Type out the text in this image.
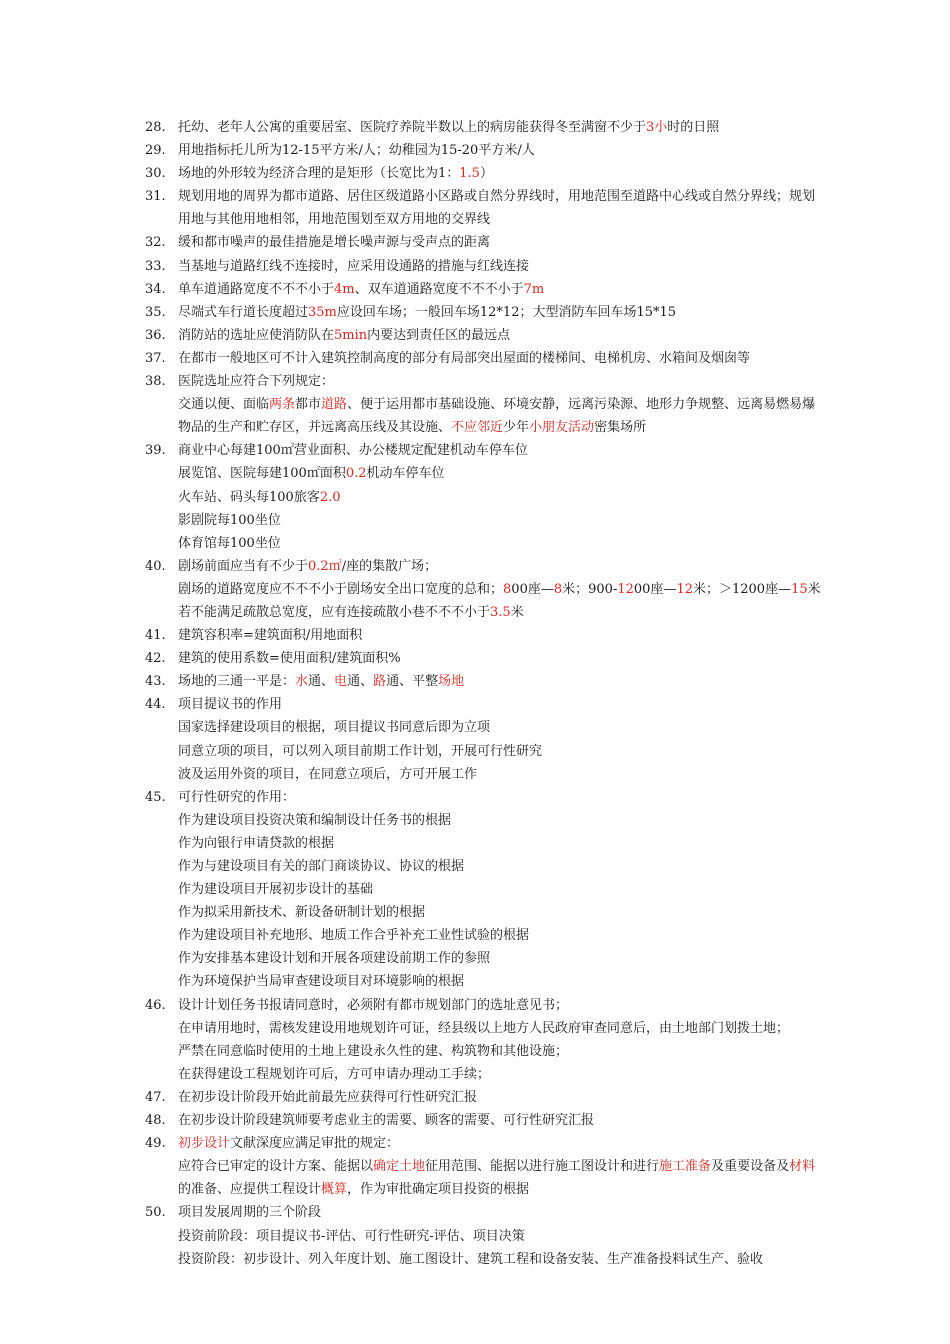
28. 托幼、老年人公寓的重要居室、医院疗养院半数以上的病房能获得冬至满窗不少于3小时的日照
29. 用地指标托儿所为12-15平方米/人；幼稚园为15-20平方米/人
30. 场地的外形较为经济合理的是矩形（长宽比为1：1.5）
31. 规划用地的周界为都市道路、居住区级道路小区路或自然分界线时，用地范围至道路中心线或自然分界线；规划
用地与其他用地相邻，用地范围划至双方用地的交界线
32. 缓和都市噪声的最佳措施是增长噪声源与受声点的距离
33. 当基地与道路红线不连接时，应采用设通路的措施与红线连接
34. 单车道通路宽度不不不小于4m、双车道通路宽度不不不小于7m
35. 尽端式车行道长度超过35m应设回车场；一般回车场12*12；大型消防车回车场15*15
36. 消防站的选址应使消防队在5min内要达到责任区的最远点
37. 在都市一般地区可不计入建筑控制高度的部分有局部突出屋面的楼梯间、电梯机房、水箱间及烟囱等
38. 医院选址应符合下列规定：
交通以便、面临两条都市道路、便于运用都市基础设施、环境安静，远离污染源、地形力争规整、远离易燃易爆
物品的生产和贮存区，并远离高压线及其设施、不应邻近少年小朋友活动密集场所
39. 商业中心每建100㎡营业面积、办公楼规定配建机动车停车位
展览馆、医院每建100㎡面积0.2机动车停车位
火车站、码头每100旅客2.0
影剧院每100坐位
体育馆每100坐位
40. 剧场前面应当有不少于0.2㎡/座的集散广场；
剧场的道路宽度应不不不小于剧场安全出口宽度的总和；800座—8米；900-1200座—12米；＞1200座—15米
若不能满足疏散总宽度，应有连接疏散小巷不不不小于3.5米
41. 建筑容积率=建筑面积/用地面积
42. 建筑的使用系数=使用面积/建筑面积%
43. 场地的三通一平是：水通、电通、路通、平整场地
44. 项目提议书的作用
国家选择建设项目的根据，项目提议书同意后即为立项
同意立项的项目，可以列入项目前期工作计划，开展可行性研究
波及运用外资的项目，在同意立项后，方可开展工作
45. 可行性研究的作用：
作为建设项目投资决策和编制设计任务书的根据
作为向银行申请贷款的根据
作为与建设项目有关的部门商谈协议、协议的根据
作为建设项目开展初步设计的基础
作为拟采用新技术、新设备研制计划的根据
作为建设项目补充地形、地质工作合乎补充工业性试验的根据
作为安排基本建设计划和开展各项建设前期工作的参照
作为环境保护当局审查建设项目对环境影响的根据
46. 设计计划任务书报请同意时，必须附有都市规划部门的选址意见书；
在申请用地时，需核发建设用地规划许可证，经县级以上地方人民政府审查同意后，由土地部门划拨土地；
严禁在同意临时使用的土地上建设永久性的建、构筑物和其他设施；
在获得建设工程规划许可后，方可申请办理动工手续；
47. 在初步设计阶段开始此前最先应获得可行性研究汇报
48. 在初步设计阶段建筑师要考虑业主的需要、顾客的需要、可行性研究汇报
49. 初步设计文献深度应满足审批的规定：
应符合已审定的设计方案、能据以确定土地征用范围、能据以进行施工图设计和进行施工准备及重要设备及材料
的准备、应提供工程设计概算，作为审批确定项目投资的根据
50. 项目发展周期的三个阶段
投资前阶段：项目提议书-评估、可行性研究-评估、项目决策
投资阶段：初步设计、列入年度计划、施工图设计、建筑工程和设备安装、生产准备投料试生产、验收
